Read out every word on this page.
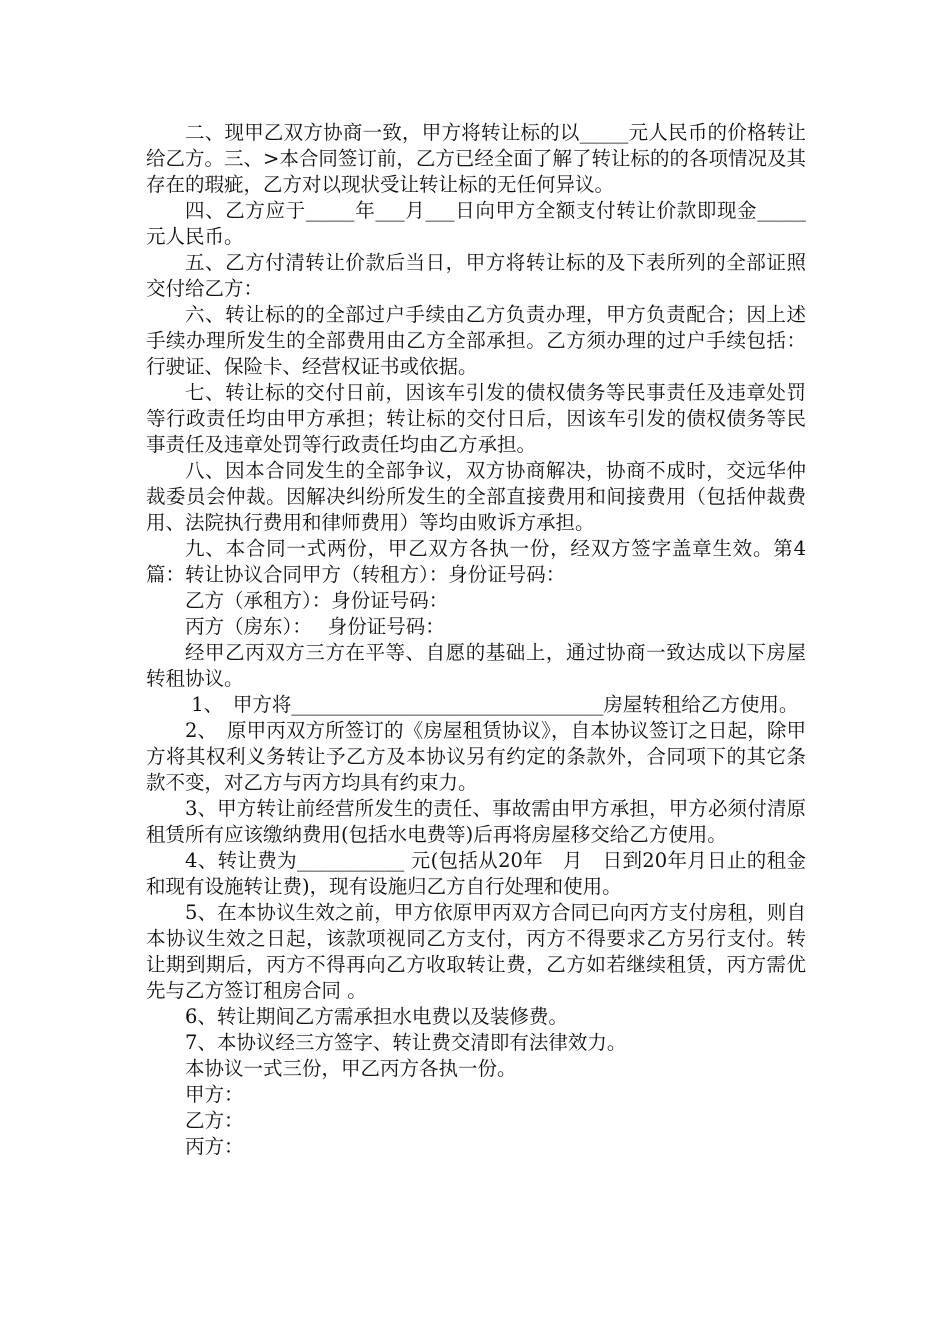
二、现甲乙双方协商一致，甲方将转让标的以_____元人民币的价格转让给乙方。三、>本合同签订前，乙方已经全面了解了转让标的的各项情况及其存在的瑕疵，乙方对以现状受让转让标的无任何异议。

四、乙方应于_____年___月___日向甲方全额支付转让价款即现金_____元人民币。

五、乙方付清转让价款后当日，甲方将转让标的及下表所列的全部证照交付给乙方：

六、转让标的的全部过户手续由乙方负责办理，甲方负责配合；因上述手续办理所发生的全部费用由乙方全部承担。乙方须办理的过户手续包括：行驶证、保险卡、经营权证书或依据。

七、转让标的交付日前，因该车引发的债权债务等民事责任及违章处罚等行政责任均由甲方承担；转让标的交付日后，因该车引发的债权债务等民事责任及违章处罚等行政责任均由乙方承担。

八、因本合同发生的全部争议，双方协商解决，协商不成时，交远华仲裁委员会仲裁。因解决纠纷所发生的全部直接费用和间接费用（包括仲裁费用、法院执行费用和律师费用）等均由败诉方承担。

九、本合同一式两份，甲乙双方各执一份，经双方签字盖章生效。第4篇：转让协议合同甲方（转租方）：身份证号码：

乙方（承租方）：身份证号码：

丙方（房东）：　 身份证号码：

经甲乙丙双方三方在平等、自愿的基础上，通过协商一致达成以下房屋转租协议。

1、　甲方将________________________________房屋转租给乙方使用。

2、　原甲丙双方所签订的《房屋租赁协议》，自本协议签订之日起，除甲方将其权利义务转让予乙方及本协议另有约定的条款外，合同项下的其它条款不变，对乙方与丙方均具有约束力。

3、甲方转让前经营所发生的责任、事故需由甲方承担，甲方必须付清原租赁所有应该缴纳费用(包括水电费等)后再将房屋移交给乙方使用。

4、转让费为___________ 元(包括从20年　月　日到20年月日止的租金和现有设施转让费)，现有设施归乙方自行处理和使用。

5、在本协议生效之前，甲方依原甲丙双方合同已向丙方支付房租，则自本协议生效之日起，该款项视同乙方支付，丙方不得要求乙方另行支付。转让期到期后，丙方不得再向乙方收取转让费，乙方如若继续租赁，丙方需优先与乙方签订租房合同 。

6、转让期间乙方需承担水电费以及装修费。

7、本协议经三方签字、转让费交清即有法律效力。

本协议一式三份，甲乙丙方各执一份。

甲方：

乙方：

丙方：
